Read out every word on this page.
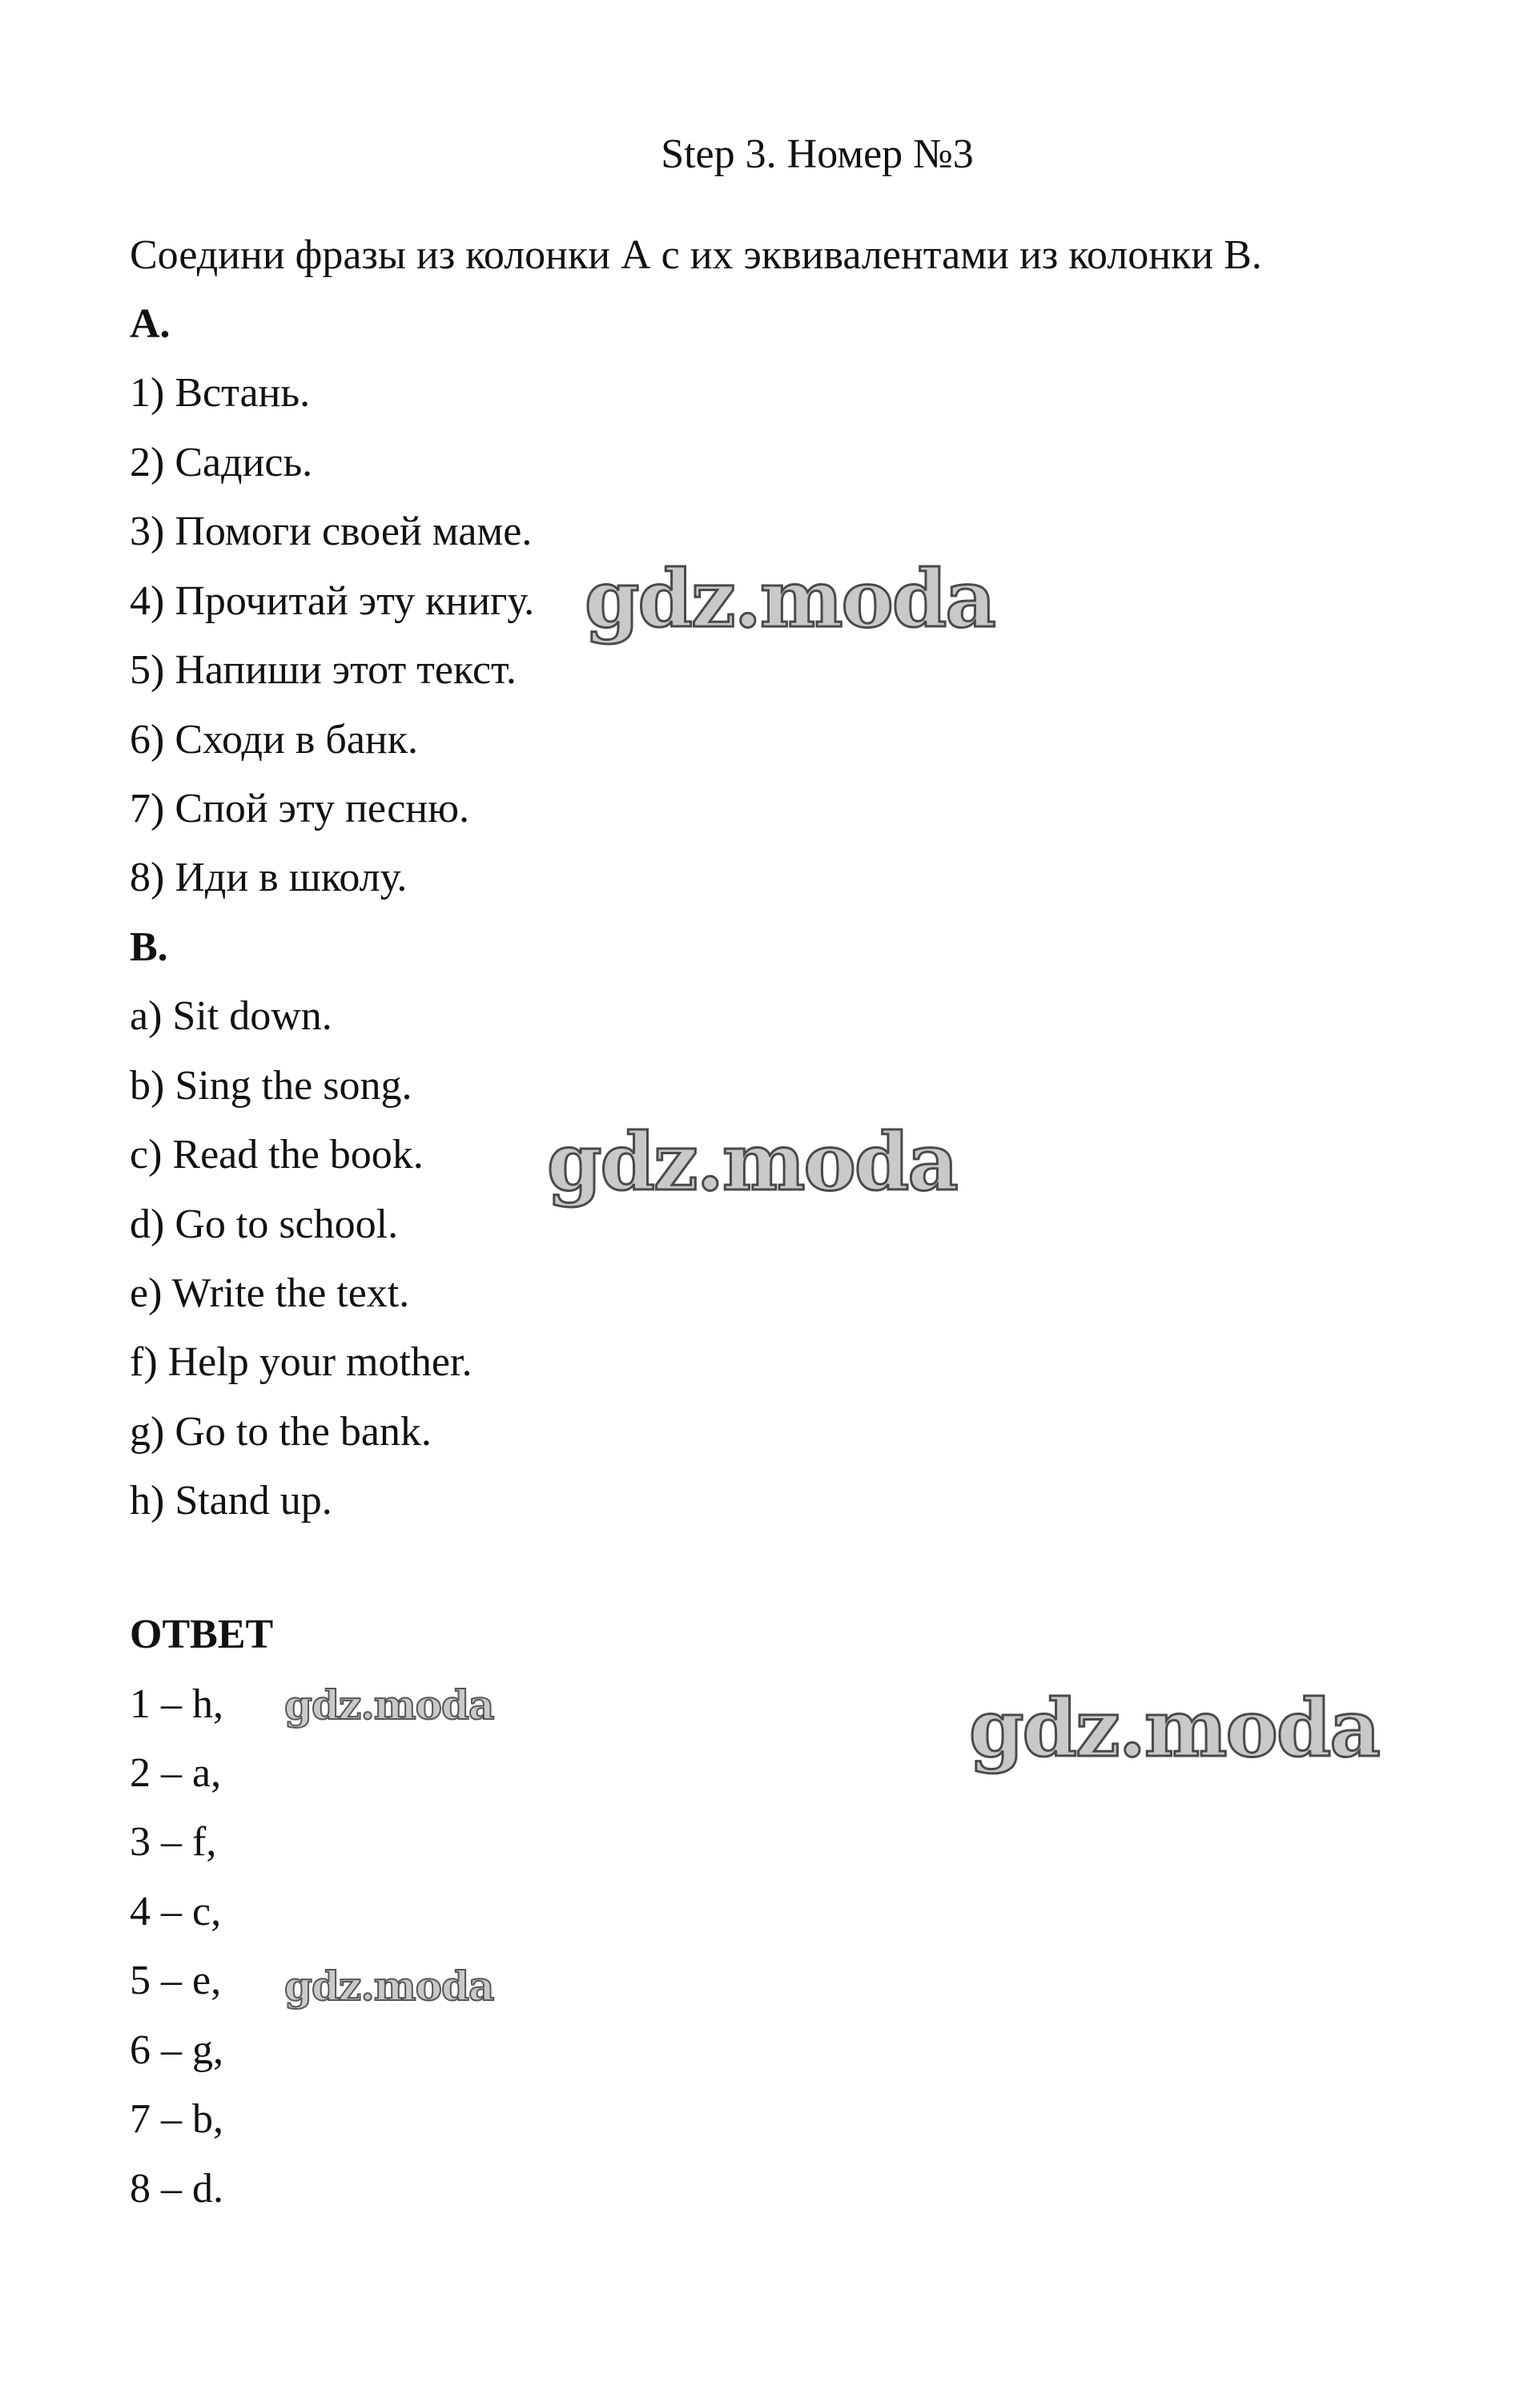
Step 3. Номер №3
Соедини фразы из колонки А с их эквивалентами из колонки В.
А.
1) Встань.
2) Садись.
3) Помоги своей маме.
4) Прочитай эту книгу.
5) Напиши этот текст.
6) Сходи в банк.
7) Спой эту песню.
8) Иди в школу.
В.
a) Sit down.
b) Sing the song.
c) Read the book.
d) Go to school.
e) Write the text.
f) Help your mother.
g) Go to the bank.
h) Stand up.
ОТВЕТ
1 – h,
2 – a,
3 – f,
4 – c,
5 – e,
6 – g,
7 – b,
8 – d.
gdz.moda
gdz.moda
gdz.moda
gdz.moda
gdz.moda
